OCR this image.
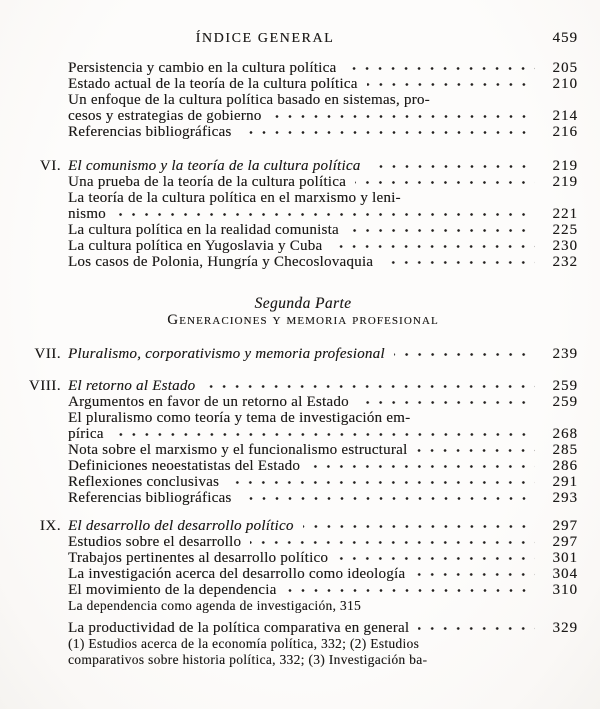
ÍNDICE GENERAL	459
Persistencia y cambio en la cultura política	205
Estado actual de la teoría de la cultura política	210
Un enfoque de la cultura política basado en sistemas, pro-
cesos y estrategias de gobierno	214
Referencias bibliográficas	216
VI. El comunismo y la teoría de la cultura política	219
Una prueba de la teoría de la cultura política	219
La teoría de la cultura política en el marxismo y leni-
nismo	221
La cultura política en la realidad comunista	225
La cultura política en Yugoslavia y Cuba	230
Los casos de Polonia, Hungría y Checoslovaquia	232
Segunda Parte
Generaciones y memoria profesional
VII. Pluralismo, corporativismo y memoria profesional	239
VIII. El retorno al Estado	259
Argumentos en favor de un retorno al Estado	259
El pluralismo como teoría y tema de investigación em-
pírica	268
Nota sobre el marxismo y el funcionalismo estructural	285
Definiciones neoestatistas del Estado	286
Reflexiones conclusivas	291
Referencias bibliográficas	293
IX. El desarrollo del desarrollo político	297
Estudios sobre el desarrollo	297
Trabajos pertinentes al desarrollo político	301
La investigación acerca del desarrollo como ideología	304
El movimiento de la dependencia	310
La dependencia como agenda de investigación, 315
La productividad de la política comparativa en general	329
(1) Estudios acerca de la economía política, 332; (2) Estudios
comparativos sobre historia política, 332; (3) Investigación ba-
